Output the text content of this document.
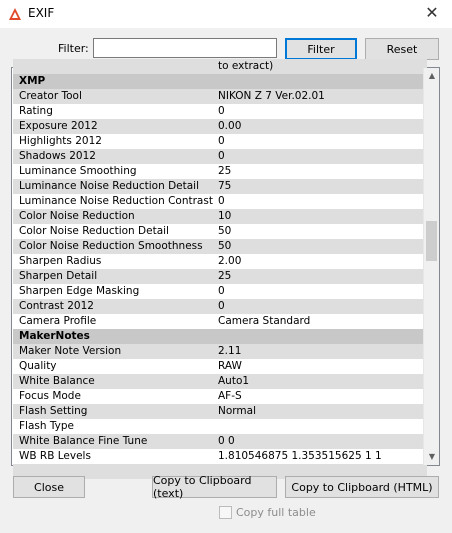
EXIF	✕
Filter:	Filter	Reset
to extract)
XMP
Creator Tool	NIKON Z 7 Ver.02.01
Rating	0
Exposure 2012	0.00
Highlights 2012	0
Shadows 2012	0
Luminance Smoothing	25
Luminance Noise Reduction Detail	75
Luminance Noise Reduction Contrast 0
Color Noise Reduction	10
Color Noise Reduction Detail	50
Color Noise Reduction Smoothness	50
Sharpen Radius	2.00
Sharpen Detail	25
Sharpen Edge Masking	0
Contrast 2012	0
Camera Profile	Camera Standard
MakerNotes
Maker Note Version	2.11
Quality	RAW
White Balance	Auto1
Focus Mode	AF-S
Flash Setting	Normal
Flash Type
White Balance Fine Tune	0 0
WB RB Levels	1.810546875 1.353515625 1 1
▲
▼
Close	Copy to Clipboard (text)	Copy to Clipboard (HTML)
Copy full table
